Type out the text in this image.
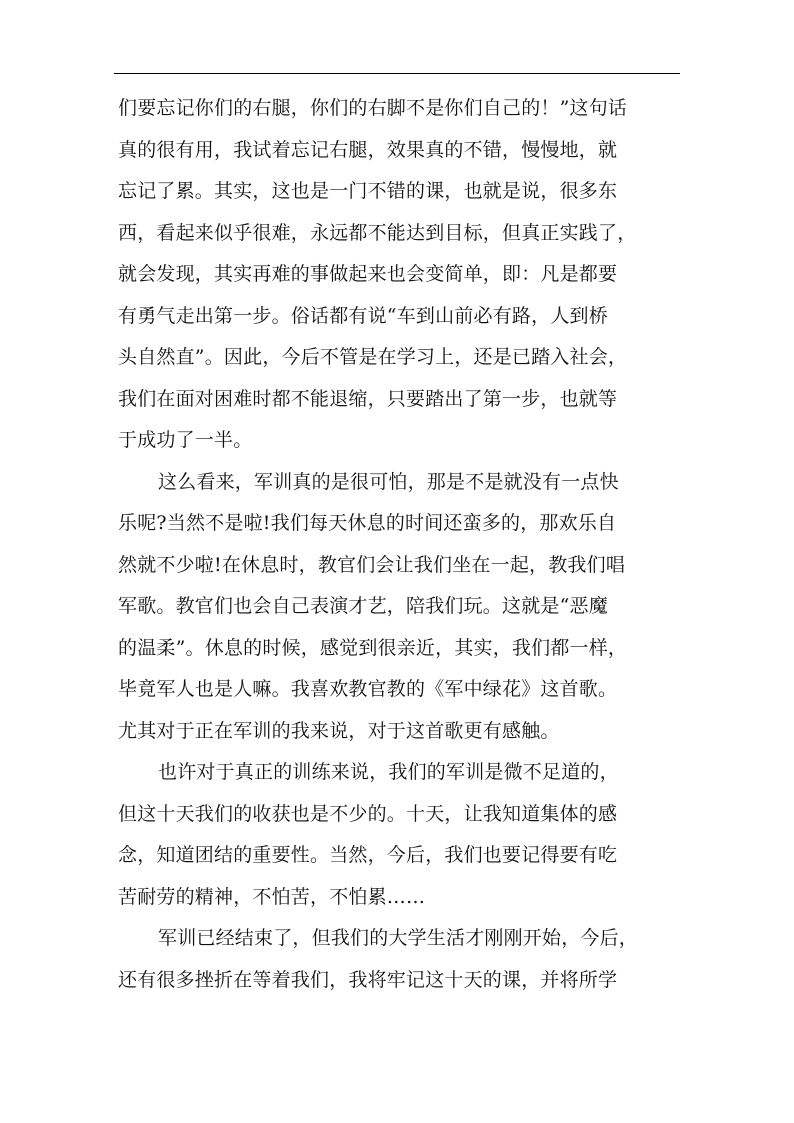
们要忘记你们的右腿，你们的右脚不是你们自己的！”这句话
真的很有用，我试着忘记右腿，效果真的不错，慢慢地，就
忘记了累。其实，这也是一门不错的课，也就是说，很多东
西，看起来似乎很难，永远都不能达到目标，但真正实践了，
就会发现，其实再难的事做起来也会变简单，即：凡是都要
有勇气走出第一步。俗话都有说“车到山前必有路，人到桥
头自然直”。因此，今后不管是在学习上，还是已踏入社会，
我们在面对困难时都不能退缩，只要踏出了第一步，也就等
于成功了一半。
这么看来，军训真的是很可怕，那是不是就没有一点快
乐呢?当然不是啦!我们每天休息的时间还蛮多的，那欢乐自
然就不少啦!在休息时，教官们会让我们坐在一起，教我们唱
军歌。教官们也会自己表演才艺，陪我们玩。这就是“恶魔
的温柔”。休息的时候，感觉到很亲近，其实，我们都一样，
毕竟军人也是人嘛。我喜欢教官教的《军中绿花》这首歌。
尤其对于正在军训的我来说，对于这首歌更有感触。
也许对于真正的训练来说，我们的军训是微不足道的，
但这十天我们的收获也是不少的。十天，让我知道集体的感
念，知道团结的重要性。当然，今后，我们也要记得要有吃
苦耐劳的精神，不怕苦，不怕累……
军训已经结束了，但我们的大学生活才刚刚开始，今后，
还有很多挫折在等着我们，我将牢记这十天的课，并将所学
